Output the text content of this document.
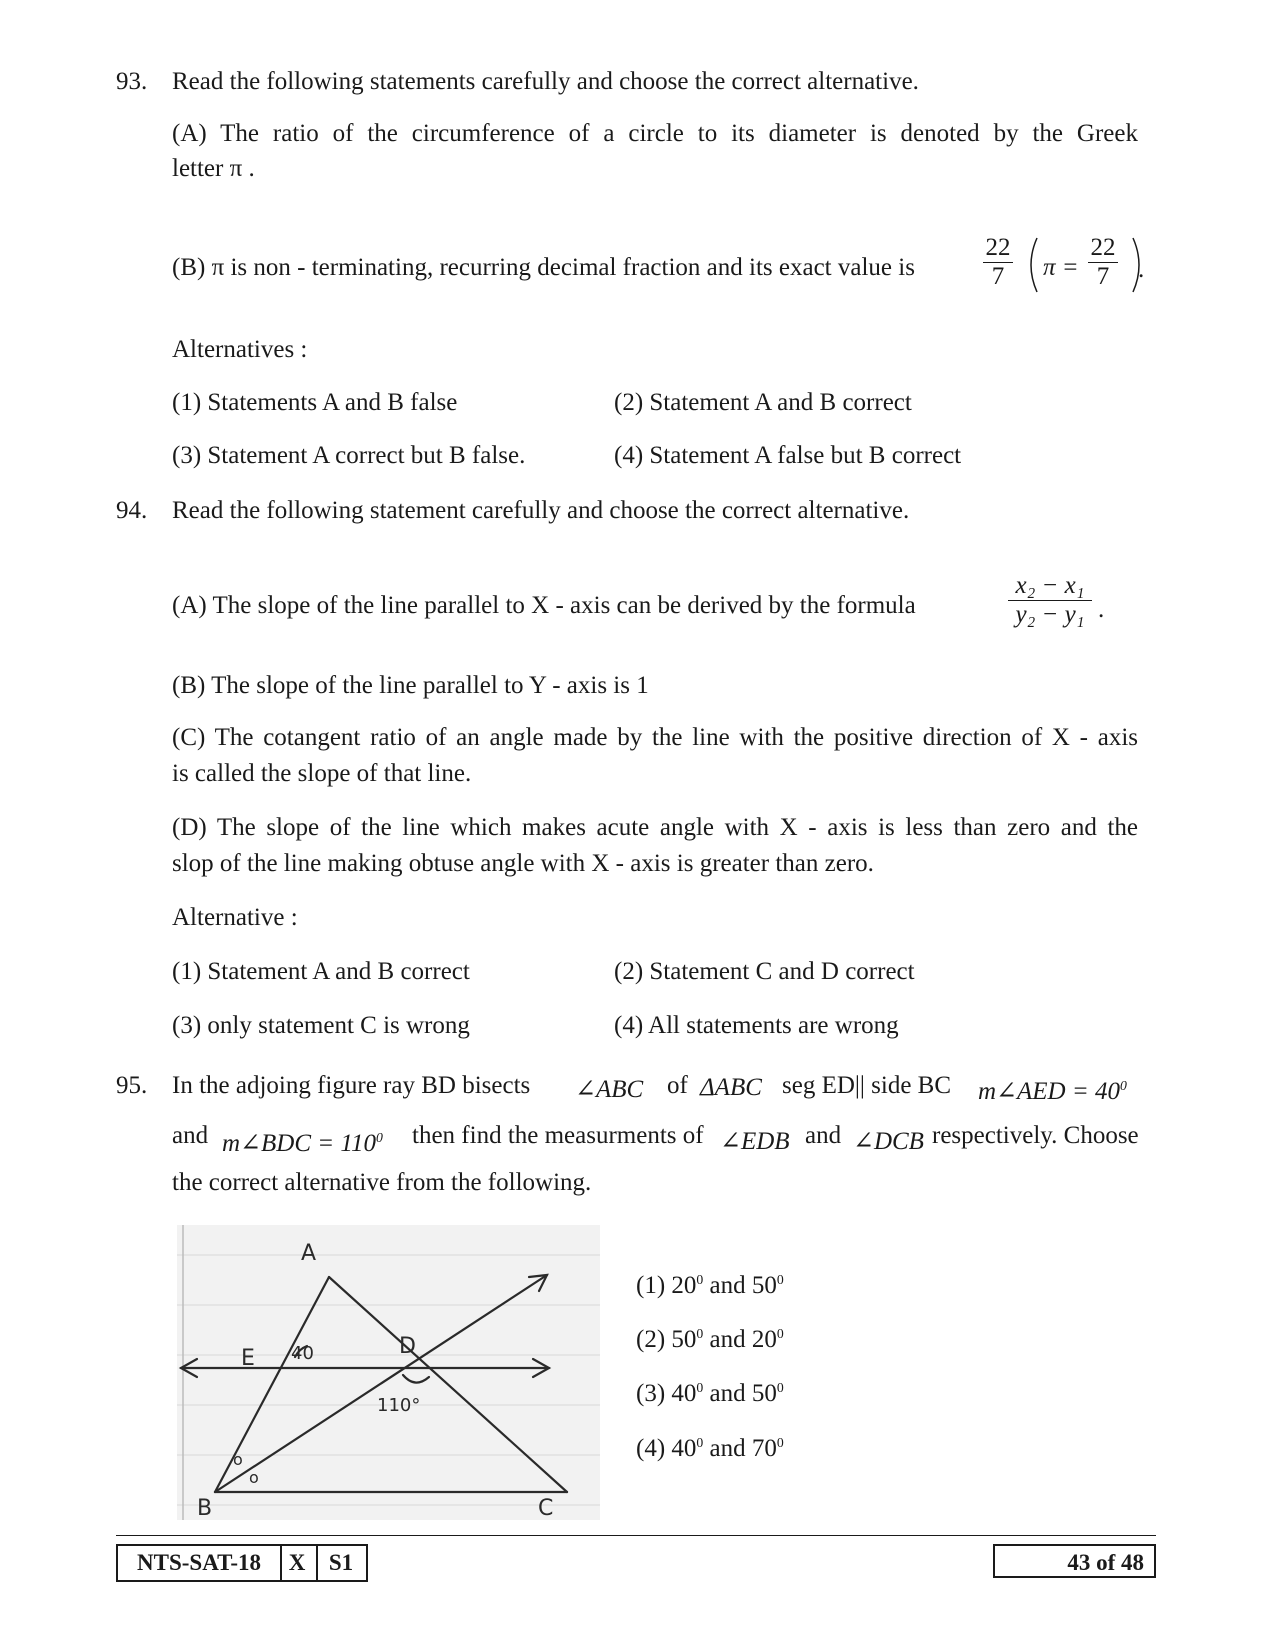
93. Read the following statements carefully and choose the correct alternative.
(A) The ratio of the circumference of a circle to its diameter is denoted by the Greek
letter π .
(B) π is non - terminating, recurring decimal fraction and its exact value is	$\frac{22}{7}$ $\pi = \frac{22}{7}$ .
Alternatives :
(1) Statements A and B false	(2) Statement A and B correct
(3) Statement A correct but B false.	(4) Statement A false but B correct
94. Read the following statement carefully and choose the correct alternative.
(A) The slope of the line parallel to X - axis can be derived by the formula	$\frac{\text{x₂ − x₁}}{\text{y₂ − y₁}}$ .
(B) The slope of the line parallel to Y - axis is 1
(C) The cotangent ratio of an angle made by the line with the positive direction of X - axis
is called the slope of that line.
(D) The slope of the line which makes acute angle with X - axis is less than zero and the
slop of the line making obtuse angle with X - axis is greater than zero.
Alternative :
(1) Statement A and B correct	(2) Statement C and D correct
(3) only statement C is wrong	(4) All statements are wrong
95. In the adjoing figure ray BD bisects ∠ABC of ΔABC seg ED|| side BC m∠AED = $40^0$
and m∠BDC = $110^0$ then find the measurments of ∠EDB and ∠DCB respectively. Choose
the correct alternative from the following.
A
B	C
D
E 40
110°
o
o
(1) $20^0$ and $50^0$
(2) $50^0$ and $20^0$
(3) $40^0$ and $50^0$
(4) $40^0$ and $70^0$
NTS-SAT-18	X	S1	43 of 48
